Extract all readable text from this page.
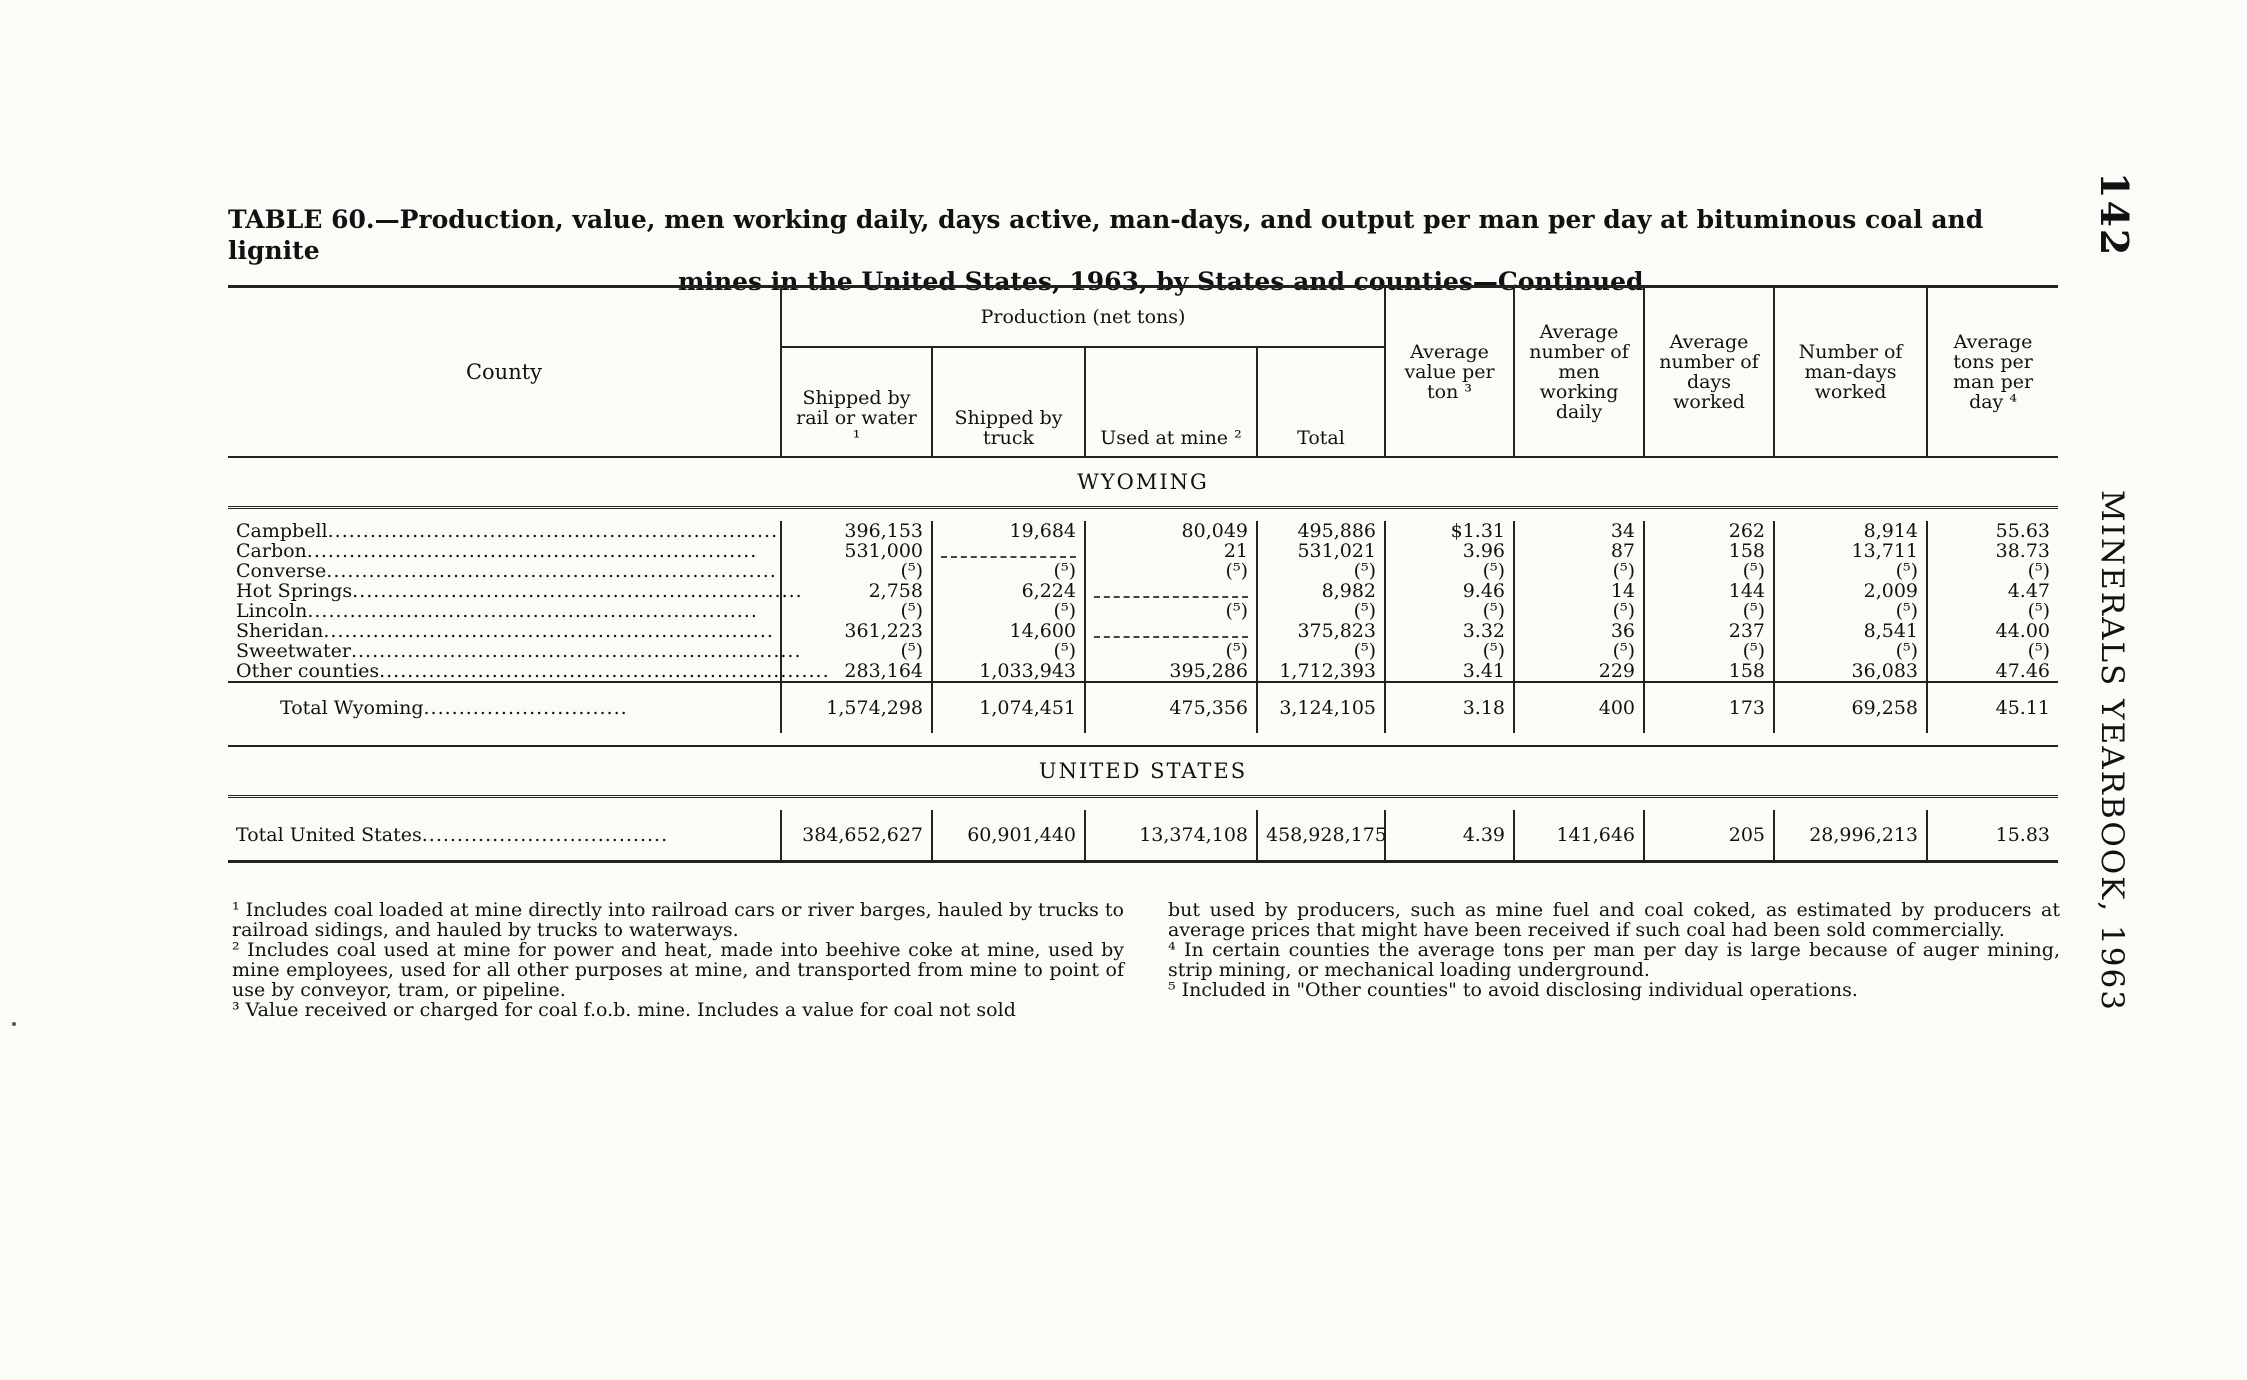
TABLE 60.—Production, value, men working daily, days active, man-days, and output per man per day at bituminous coal and lignite
mines in the United States, 1963, by States and counties—Continued
142
MINERALS YEARBOOK, 1963
County	Production (net tons)				Average value per ton ³	Average number of men working daily	Average number of days worked	Number of man-days worked	Average tons per man per day ⁴
	Shipped by rail or water ¹	Shipped by truck	Used at mine ²	Total					
WYOMING									

Campbell................................................................	396,153	19,684	80,049	495,886	$1.31	34	262	8,914	55.63
Carbon................................................................	531,000		21	531,021	3.96	87	158	13,711	38.73
Converse................................................................	(⁵)	(⁵)	(⁵)	(⁵)	(⁵)	(⁵)	(⁵)	(⁵)	(⁵)
Hot Springs................................................................	2,758	6,224		8,982	9.46	14	144	2,009	4.47
Lincoln................................................................	(⁵)	(⁵)	(⁵)	(⁵)	(⁵)	(⁵)	(⁵)	(⁵)	(⁵)
Sheridan................................................................	361,223	14,600		375,823	3.32	36	237	8,541	44.00
Sweetwater................................................................	(⁵)	(⁵)	(⁵)	(⁵)	(⁵)	(⁵)	(⁵)	(⁵)	(⁵)
Other counties................................................................	283,164	1,033,943	395,286	1,712,393	3.41	229	158	36,083	47.46
Total Wyoming.............................	1,574,298	1,074,451	475,356	3,124,105	3.18	400	173	69,258	45.11

UNITED STATES									

Total United States...................................	384,652,627	60,901,440	13,374,108	458,928,175	4.39	141,646	205	28,996,213	15.83

¹ Includes coal loaded at mine directly into railroad cars or river barges, hauled by trucks to railroad sidings, and hauled by trucks to waterways.

² Includes coal used at mine for power and heat, made into beehive coke at mine, used by mine employees, used for all other purposes at mine, and transported from mine to point of use by conveyor, tram, or pipeline.

³ Value received or charged for coal f.o.b. mine. Includes a value for coal not sold

but used by producers, such as mine fuel and coal coked, as estimated by producers at average prices that might have been received if such coal had been sold commercially.

⁴ In certain counties the average tons per man per day is large because of auger mining, strip mining, or mechanical loading underground.

⁵ Included in "Other counties" to avoid disclosing individual operations.
